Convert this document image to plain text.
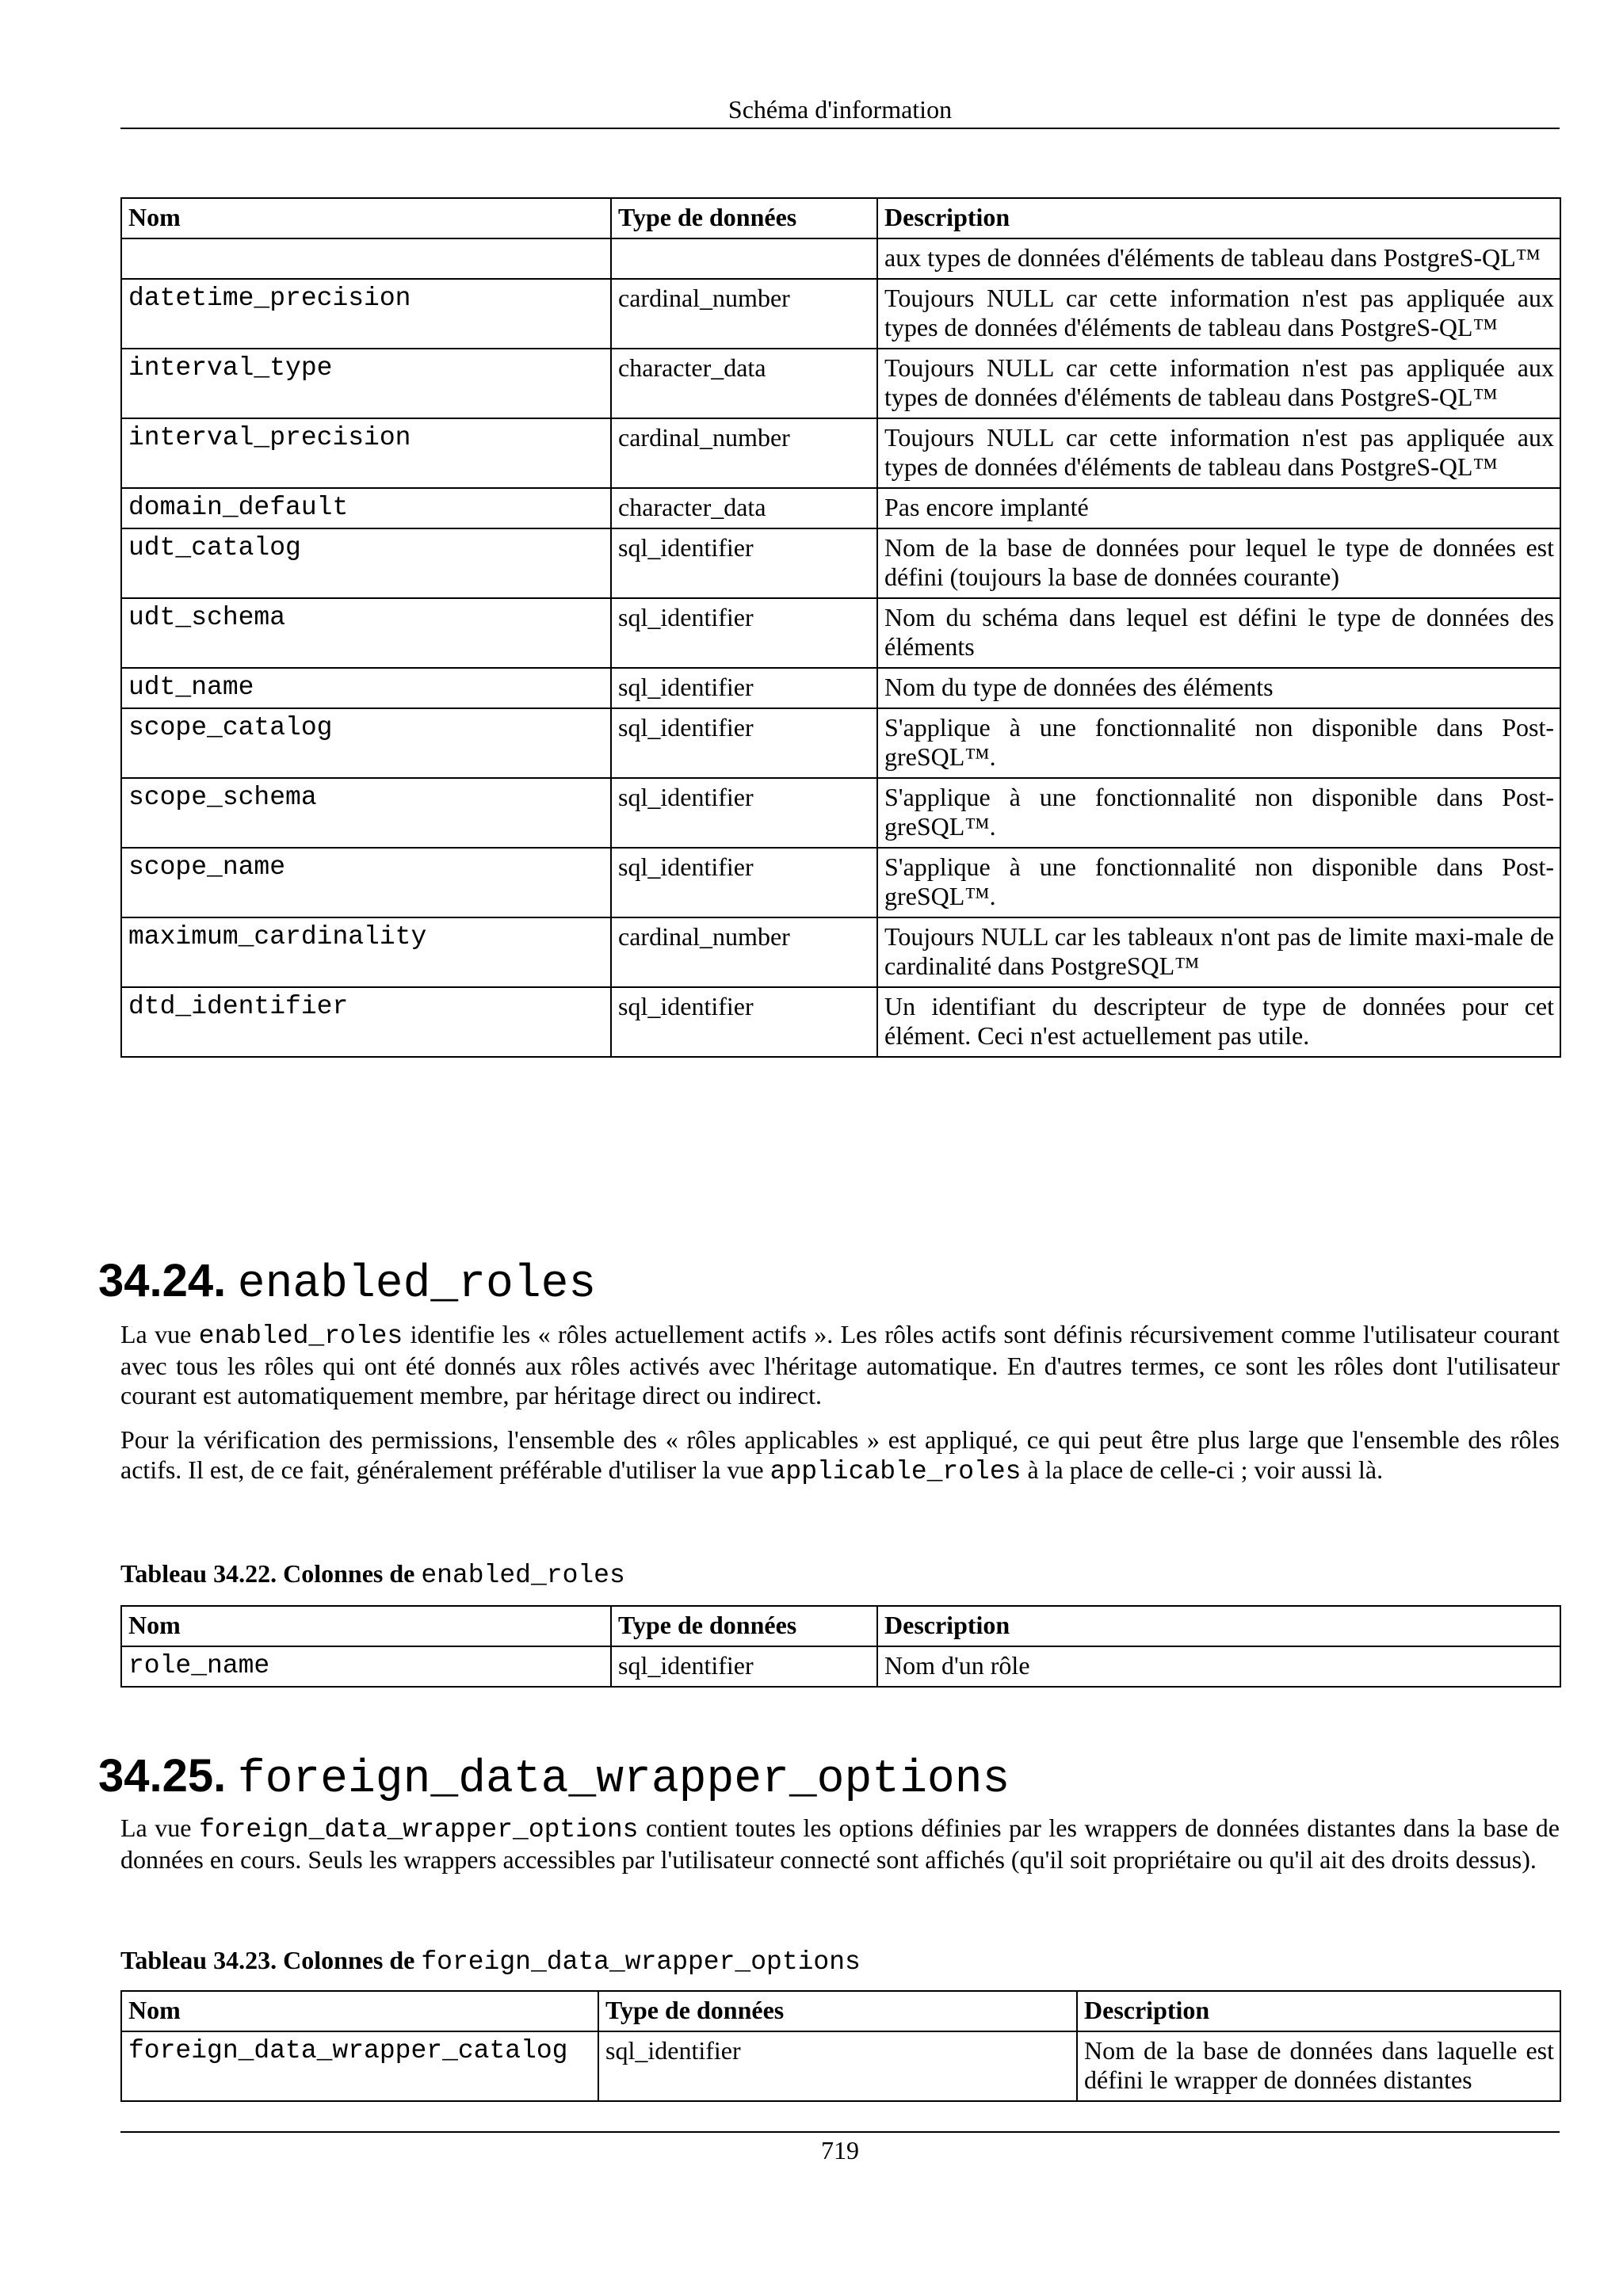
Schéma d'information
Nom	Type de données	Description
		aux types de données d'éléments de tableau dans PostgreS-QL™
datetime_precision	cardinal_number	Toujours NULL car cette information n'est pas appliquée aux types de données d'éléments de tableau dans PostgreS-QL™
interval_type	character_data	Toujours NULL car cette information n'est pas appliquée aux types de données d'éléments de tableau dans PostgreS-QL™
interval_precision	cardinal_number	Toujours NULL car cette information n'est pas appliquée aux types de données d'éléments de tableau dans PostgreS-QL™
domain_default	character_data	Pas encore implanté
udt_catalog	sql_identifier	Nom de la base de données pour lequel le type de données est défini (toujours la base de données courante)
udt_schema	sql_identifier	Nom du schéma dans lequel est défini le type de données des éléments
udt_name	sql_identifier	Nom du type de données des éléments
scope_catalog	sql_identifier	S'applique à une fonctionnalité non disponible dans Post-greSQL™.
scope_schema	sql_identifier	S'applique à une fonctionnalité non disponible dans Post-greSQL™.
scope_name	sql_identifier	S'applique à une fonctionnalité non disponible dans Post-greSQL™.
maximum_cardinality	cardinal_number	Toujours NULL car les tableaux n'ont pas de limite maxi-male de cardinalité dans PostgreSQL™
dtd_identifier	sql_identifier	Un identifiant du descripteur de type de données pour cet élément. Ceci n'est actuellement pas utile.
34.24. enabled_roles

La vue enabled_roles identifie les « rôles actuellement actifs ». Les rôles actifs sont définis récursivement comme l'utilisateur courant avec tous les rôles qui ont été donnés aux rôles activés avec l'héritage automatique. En d'autres termes, ce sont les rôles dont l'utilisateur courant est automatiquement membre, par héritage direct ou indirect.

Pour la vérification des permissions, l'ensemble des « rôles applicables » est appliqué, ce qui peut être plus large que l'ensemble des rôles actifs. Il est, de ce fait, généralement préférable d'utiliser la vue applicable_roles à la place de celle-ci ; voir aussi là.

Tableau 34.22. Colonnes de enabled_roles

Nom	Type de données	Description
role_name	sql_identifier	Nom d'un rôle
34.25. foreign_data_wrapper_options

La vue foreign_data_wrapper_options contient toutes les options définies par les wrappers de données distantes dans la base de données en cours. Seuls les wrappers accessibles par l'utilisateur connecté sont affichés (qu'il soit propriétaire ou qu'il ait des droits dessus).

Tableau 34.23. Colonnes de foreign_data_wrapper_options

Nom	Type de données	Description
foreign_data_wrapper_catalog	sql_identifier	Nom de la base de données dans laquelle est défini le wrapper de données distantes
719
